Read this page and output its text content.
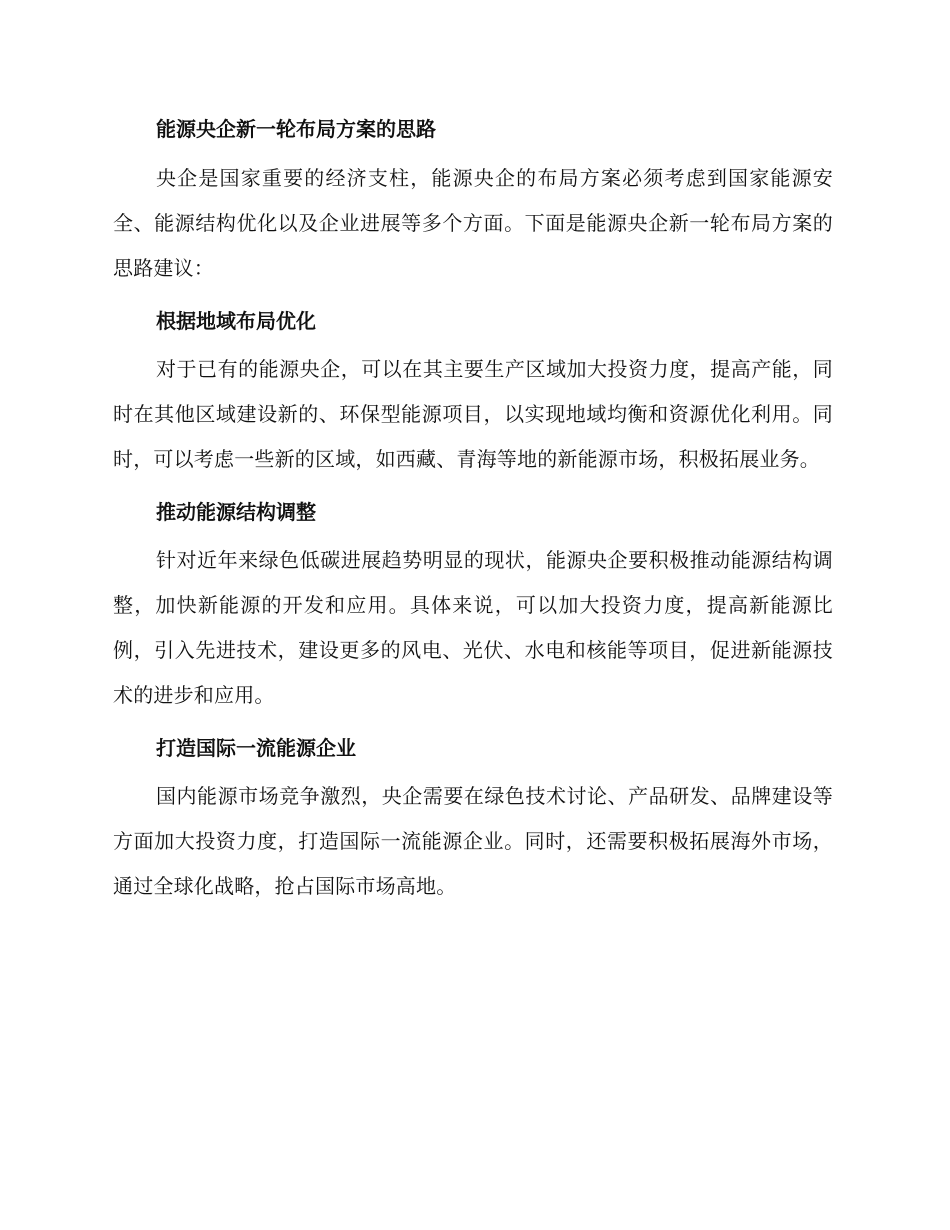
能源央企新一轮布局方案的思路

央企是国家重要的经济支柱，能源央企的布局方案必须考虑到国家能源安全、能源结构优化以及企业进展等多个方面。下面是能源央企新一轮布局方案的思路建议：

根据地域布局优化

对于已有的能源央企，可以在其主要生产区域加大投资力度，提高产能，同时在其他区域建设新的、环保型能源项目，以实现地域均衡和资源优化利用。同时，可以考虑一些新的区域，如西藏、青海等地的新能源市场，积极拓展业务。

推动能源结构调整

针对近年来绿色低碳进展趋势明显的现状，能源央企要积极推动能源结构调整，加快新能源的开发和应用。具体来说，可以加大投资力度，提高新能源比例，引入先进技术，建设更多的风电、光伏、水电和核能等项目，促进新能源技术的进步和应用。

打造国际一流能源企业

国内能源市场竞争激烈，央企需要在绿色技术讨论、产品研发、品牌建设等方面加大投资力度，打造国际一流能源企业。同时，还需要积极拓展海外市场，通过全球化战略，抢占国际市场高地。
